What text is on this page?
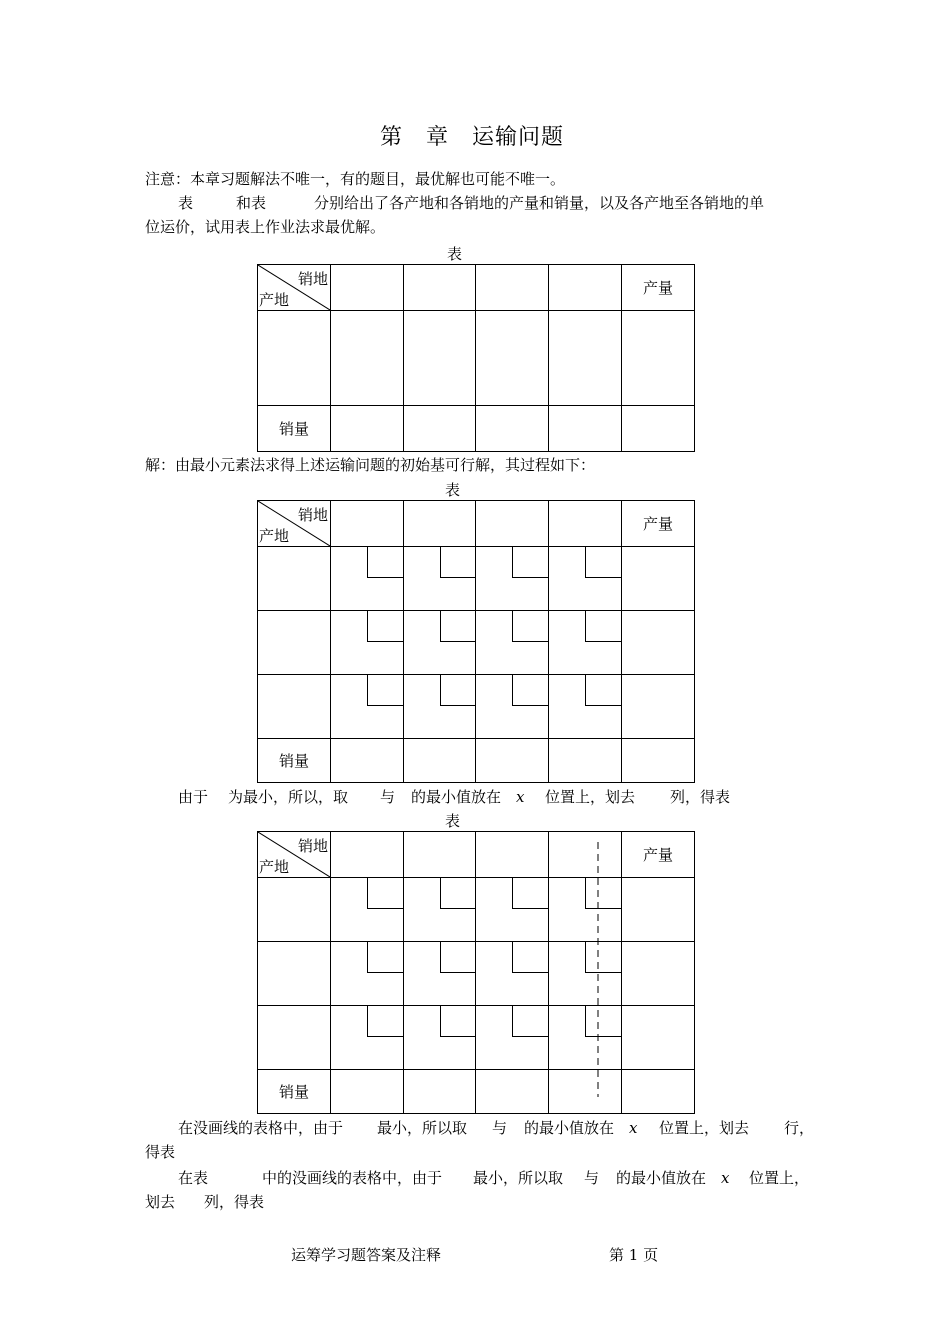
第　章　运输问题
注意：本章习题解法不唯一，有的题目，最优解也可能不唯一。
表	和表	分别给出了各产地和各销地的产量和销量，以及各产地至各销地的单
位运价，试用表上作业法求最优解。
表
销地
产地					产量

销量					

解：由最小元素法求得上述运输问题的初始基可行解，其过程如下：
表
销地
产地					产量

销量					

由于 为最小，所以，取 与 的最小值放在 x 位置上，划去 列，得表
表
销地
产地					产量

销量					

在没画线的表格中，由于 最小，所以取 与 的最小值放在 x 位置上，划去 行，
得表
在表	中的没画线的表格中，由于 最小，所以取 与 的最小值放在 x 位置上，
划去 列，得表
运筹学习题答案及注释	第 1 页
